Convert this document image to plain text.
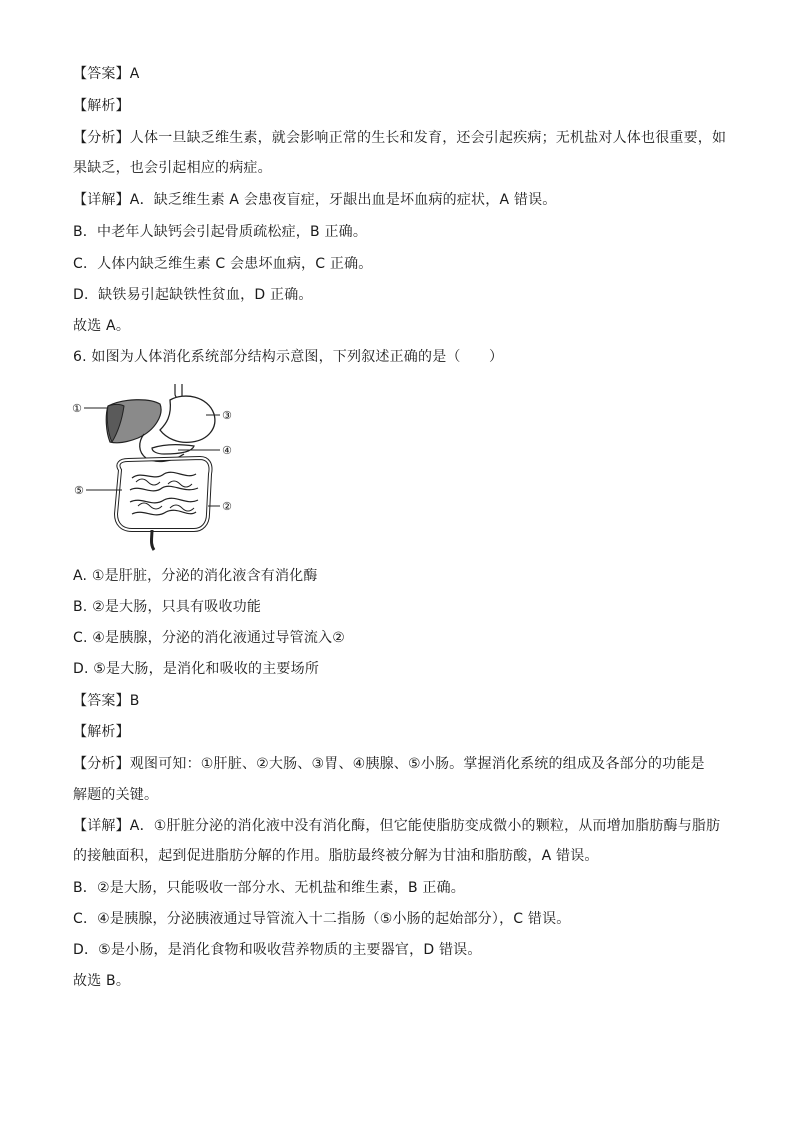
【答案】A
【解析】
【分析】人体一旦缺乏维生素，就会影响正常的生长和发育，还会引起疾病；无机盐对人体也很重要，如
果缺乏，也会引起相应的病症。
【详解】A．缺乏维生素 A 会患夜盲症，牙龈出血是坏血病的症状，A 错误。
B．中老年人缺钙会引起骨质疏松症，B 正确。
C．人体内缺乏维生素 C 会患坏血病，C 正确。
D．缺铁易引起缺铁性贫血，D 正确。
故选 A。
6. 如图为人体消化系统部分结构示意图，下列叙述正确的是（　　）
①
②
③
④
⑤
A. ①是肝脏，分泌的消化液含有消化酶
B. ②是大肠，只具有吸收功能
C. ④是胰腺，分泌的消化液通过导管流入②
D. ⑤是大肠，是消化和吸收的主要场所
【答案】B
【解析】
【分析】观图可知：①肝脏、②大肠、③胃、④胰腺、⑤小肠。掌握消化系统的组成及各部分的功能是
解题的关键。
【详解】A．①肝脏分泌的消化液中没有消化酶，但它能使脂肪变成微小的颗粒，从而增加脂肪酶与脂肪
的接触面积，起到促进脂肪分解的作用。脂肪最终被分解为甘油和脂肪酸，A 错误。
B．②是大肠，只能吸收一部分水、无机盐和维生素，B 正确。
C．④是胰腺，分泌胰液通过导管流入十二指肠（⑤小肠的起始部分），C 错误。
D．⑤是小肠，是消化食物和吸收营养物质的主要器官，D 错误。
故选 B。
